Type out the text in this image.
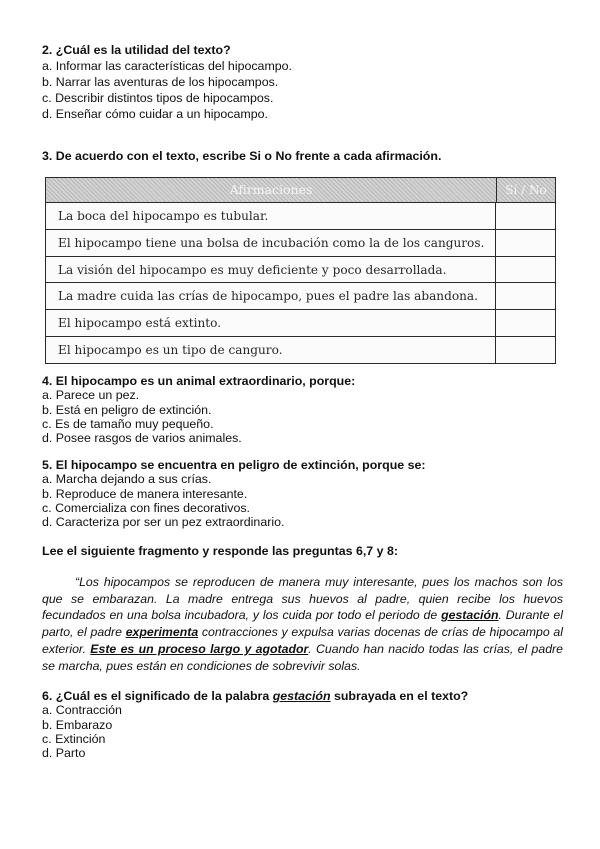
2. ¿Cuál es la utilidad del texto?
a. Informar las características del hipocampo.
b. Narrar las aventuras de los hipocampos.
c. Describir distintos tipos de hipocampos.
d. Enseñar cómo cuidar a un hipocampo.
3. De acuerdo con el texto, escribe Si o No frente a cada afirmación.
Afirmaciones	Sí / No
La boca del hipocampo es tubular.
El hipocampo tiene una bolsa de incubación como la de los canguros.
La visión del hipocampo es muy deficiente y poco desarrollada.
La madre cuida las crías de hipocampo, pues el padre las abandona.
El hipocampo está extinto.
El hipocampo es un tipo de canguro.
4. El hipocampo es un animal extraordinario, porque:
a. Parece un pez.
b. Está en peligro de extinción.
c. Es de tamaño muy pequeño.
d. Posee rasgos de varios animales.
5. El hipocampo se encuentra en peligro de extinción, porque se:
a. Marcha dejando a sus crías.
b. Reproduce de manera interesante.
c. Comercializa con fines decorativos.
d. Caracteriza por ser un pez extraordinario.
Lee el siguiente fragmento y responde las preguntas 6,7 y 8:
“Los hipocampos se reproducen de manera muy interesante, pues los machos son los que se embarazan. La madre entrega sus huevos al padre, quien recibe los huevos fecundados en una bolsa incubadora, y los cuida por todo el periodo de gestación. Durante el parto, el padre experimenta contracciones y expulsa varias docenas de crías de hipocampo al exterior. Este es un proceso largo y agotador. Cuando han nacido todas las crías, el padre se marcha, pues están en condiciones de sobrevivir solas.
6. ¿Cuál es el significado de la palabra gestación subrayada en el texto?
a. Contracción
b. Embarazo
c. Extinción
d. Parto
